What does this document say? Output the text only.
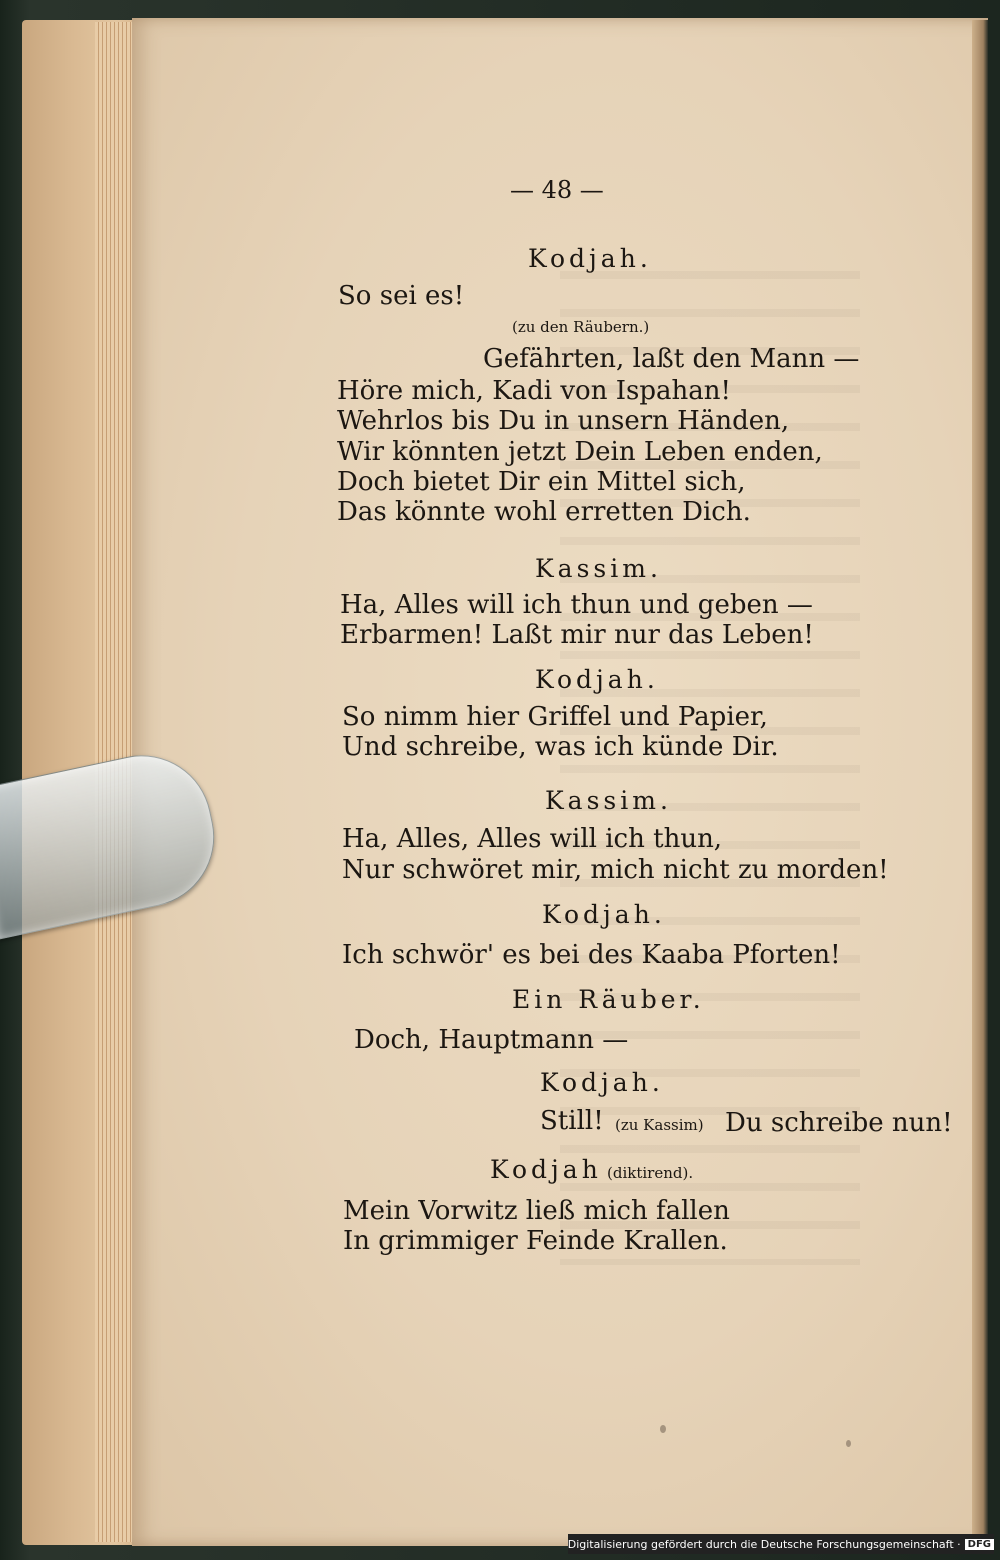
— 48 —
Kodjah.
So sei es!
(zu den Räubern.)
Gefährten, laßt den Mann —
Höre mich, Kadi von Ispahan!
Wehrlos bis Du in unsern Händen,
Wir könnten jetzt Dein Leben enden,
Doch bietet Dir ein Mittel sich,
Das könnte wohl erretten Dich.
Kassim.
Ha, Alles will ich thun und geben —
Erbarmen! Laßt mir nur das Leben!
Kodjah.
So nimm hier Griffel und Papier,
Und schreibe, was ich künde Dir.
Kassim.
Ha, Alles, Alles will ich thun,
Nur schwöret mir, mich nicht zu morden!
Kodjah.
Ich schwör' es bei des Kaaba Pforten!
Ein Räuber.
Doch, Hauptmann —
Kodjah.
Still! (zu Kassim) Du schreibe nun!
Kodjah (diktirend).
Mein Vorwitz ließ mich fallen
In grimmiger Feinde Krallen.
Digitalisierung gefördert durch die Deutsche Forschungsgemeinschaft · DFG
